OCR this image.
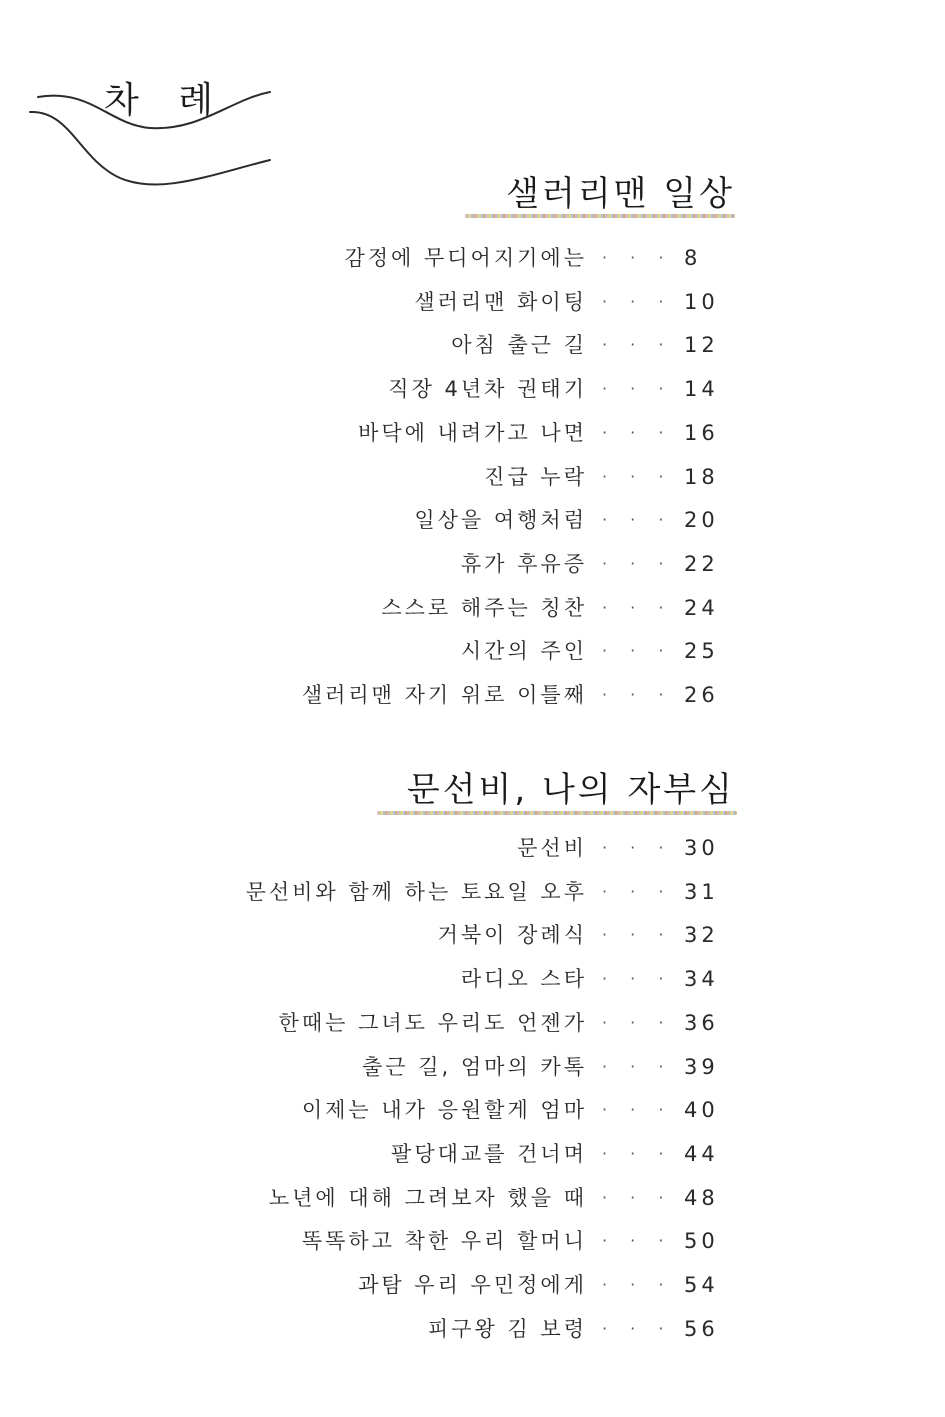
차 례
샐러리맨 일상
감정에 무디어지기에는 · · · 8
샐러리맨 화이팅 · · · 10
아침 출근 길 · · · 12
직장 4년차 권태기 · · · 14
바닥에 내려가고 나면 · · · 16
진급 누락 · · · 18
일상을 여행처럼 · · · 20
휴가 후유증 · · · 22
스스로 해주는 칭찬 · · · 24
시간의 주인 · · · 25
샐러리맨 자기 위로 이틀째 · · · 26
문선비, 나의 자부심
문선비 · · · 30
문선비와 함께 하는 토요일 오후 · · · 31
거북이 장례식 · · · 32
라디오 스타 · · · 34
한때는 그녀도 우리도 언젠가 · · · 36
출근 길, 엄마의 카톡 · · · 39
이제는 내가 응원할게 엄마 · · · 40
팔당대교를 건너며 · · · 44
노년에 대해 그려보자 했을 때 · · · 48
똑똑하고 착한 우리 할머니 · · · 50
과탐 우리 우민정에게 · · · 54
피구왕 김 보령 · · · 56
